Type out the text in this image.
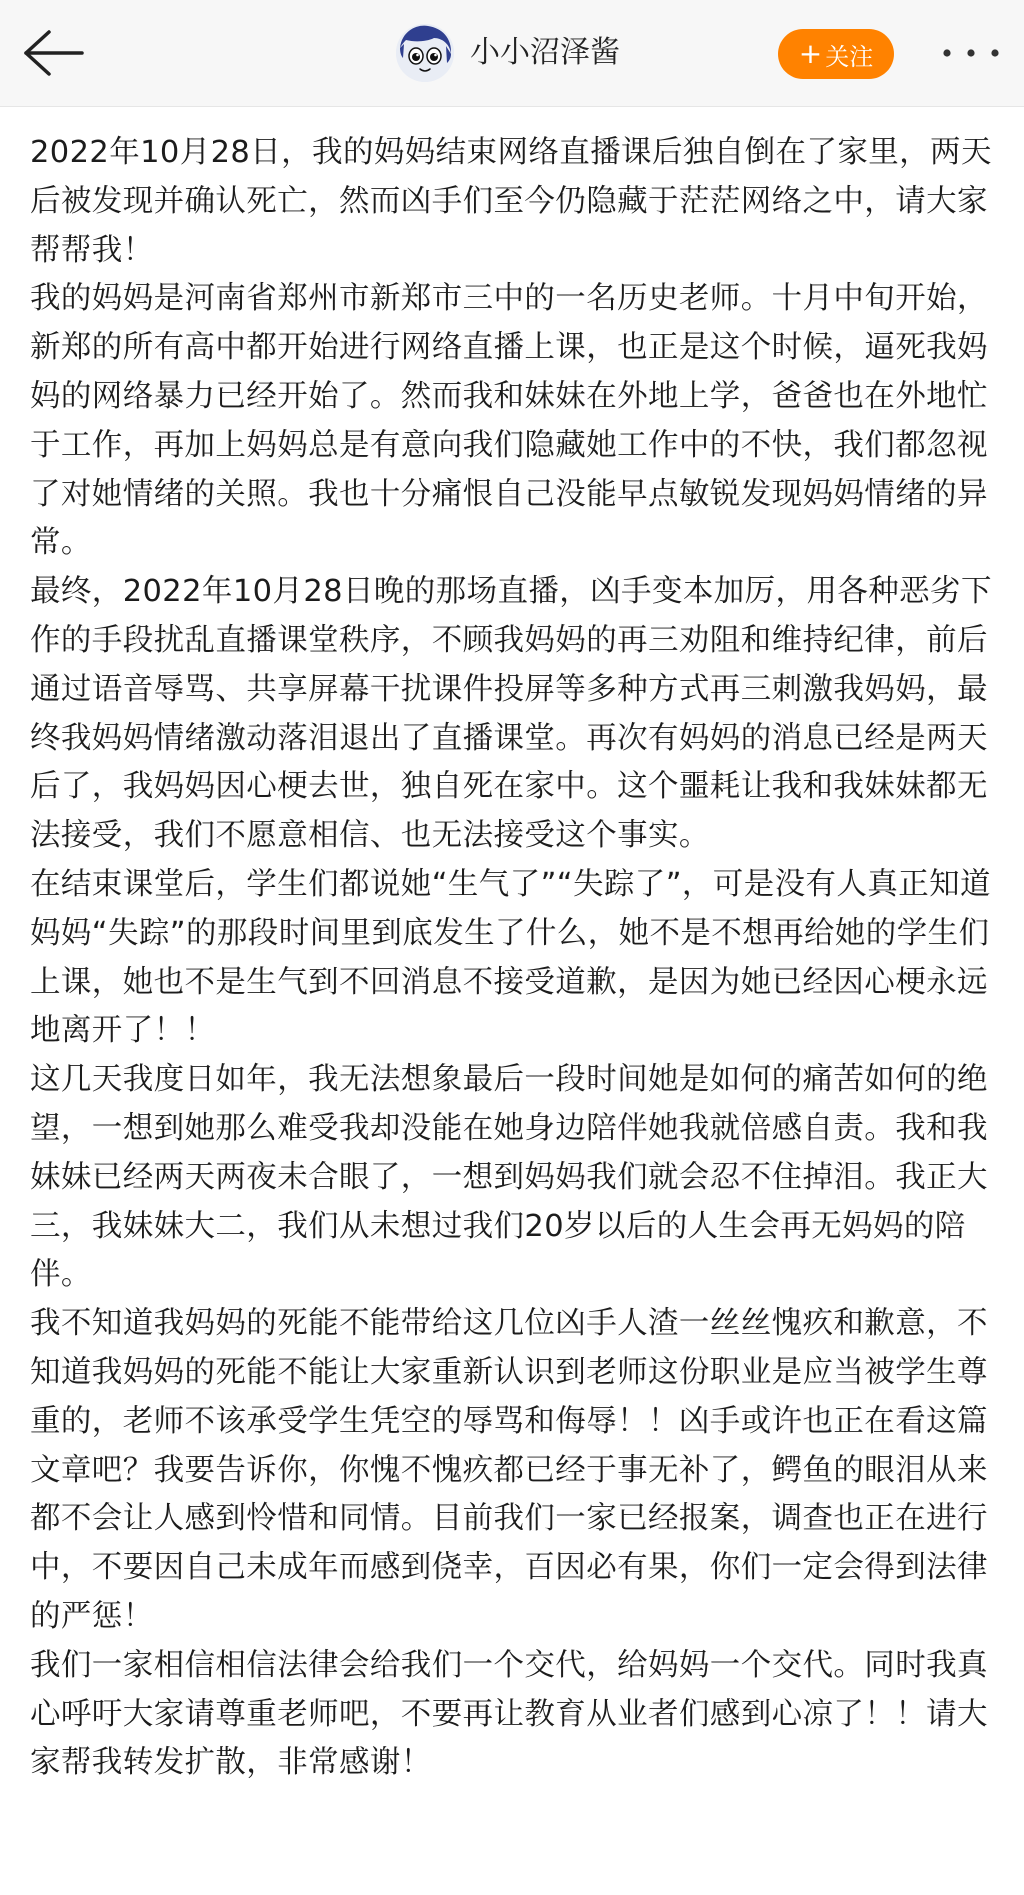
小小沼泽酱	+ 关注

2022年10月28日，我的妈妈结束网络直播课后独自倒在了家里，两天后被发现并确认死亡，然而凶手们至今仍隐藏于茫茫网络之中，请大家帮帮我！

我的妈妈是河南省郑州市新郑市三中的一名历史老师。十月中旬开始，新郑的所有高中都开始进行网络直播上课，也正是这个时候，逼死我妈妈的网络暴力已经开始了。然而我和妹妹在外地上学，爸爸也在外地忙于工作，再加上妈妈总是有意向我们隐藏她工作中的不快，我们都忽视了对她情绪的关照。我也十分痛恨自己没能早点敏锐发现妈妈情绪的异常。

最终，2022年10月28日晚的那场直播，凶手变本加厉，用各种恶劣下作的手段扰乱直播课堂秩序，不顾我妈妈的再三劝阻和维持纪律，前后通过语音辱骂、共享屏幕干扰课件投屏等多种方式再三刺激我妈妈，最终我妈妈情绪激动落泪退出了直播课堂。再次有妈妈的消息已经是两天后了，我妈妈因心梗去世，独自死在家中。这个噩耗让我和我妹妹都无法接受，我们不愿意相信、也无法接受这个事实。

在结束课堂后，学生们都说她“生气了”“失踪了”，可是没有人真正知道妈妈“失踪”的那段时间里到底发生了什么，她不是不想再给她的学生们上课，她也不是生气到不回消息不接受道歉，是因为她已经因心梗永远地离开了！！

这几天我度日如年，我无法想象最后一段时间她是如何的痛苦如何的绝望，一想到她那么难受我却没能在她身边陪伴她我就倍感自责。我和我妹妹已经两天两夜未合眼了，一想到妈妈我们就会忍不住掉泪。我正大三，我妹妹大二，我们从未想过我们20岁以后的人生会再无妈妈的陪伴。

我不知道我妈妈的死能不能带给这几位凶手人渣一丝丝愧疚和歉意，不知道我妈妈的死能不能让大家重新认识到老师这份职业是应当被学生尊重的，老师不该承受学生凭空的辱骂和侮辱！！凶手或许也正在看这篇文章吧？我要告诉你，你愧不愧疚都已经于事无补了，鳄鱼的眼泪从来都不会让人感到怜惜和同情。目前我们一家已经报案，调查也正在进行中，不要因自己未成年而感到侥幸，百因必有果，你们一定会得到法律的严惩！

我们一家相信相信法律会给我们一个交代，给妈妈一个交代。同时我真心呼吁大家请尊重老师吧，不要再让教育从业者们感到心凉了！！请大家帮我转发扩散，非常感谢！
